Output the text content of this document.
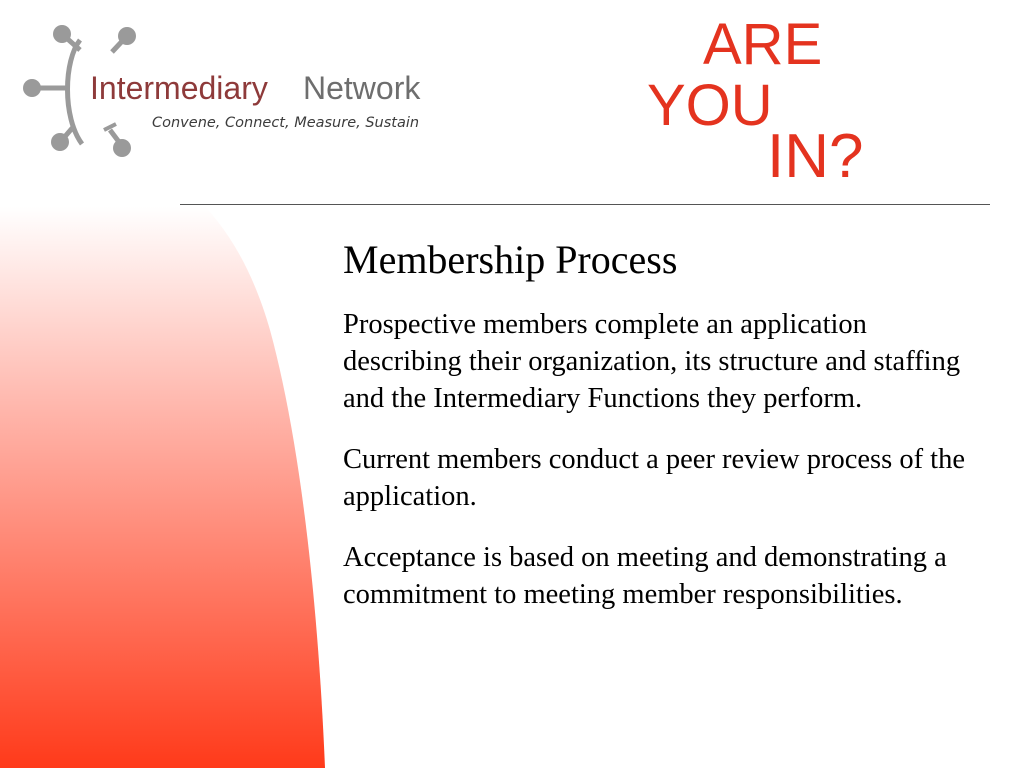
Intermediary Network
Convene, Connect, Measure, Sustain
ARE
YOU
IN?
Membership Process

Prospective members complete an application describing their organization, its structure and staffing and the Intermediary Functions they perform.

Current members conduct a peer review process of the application.

Acceptance is based on meeting and demonstrating a commitment to meeting member responsibilities.
